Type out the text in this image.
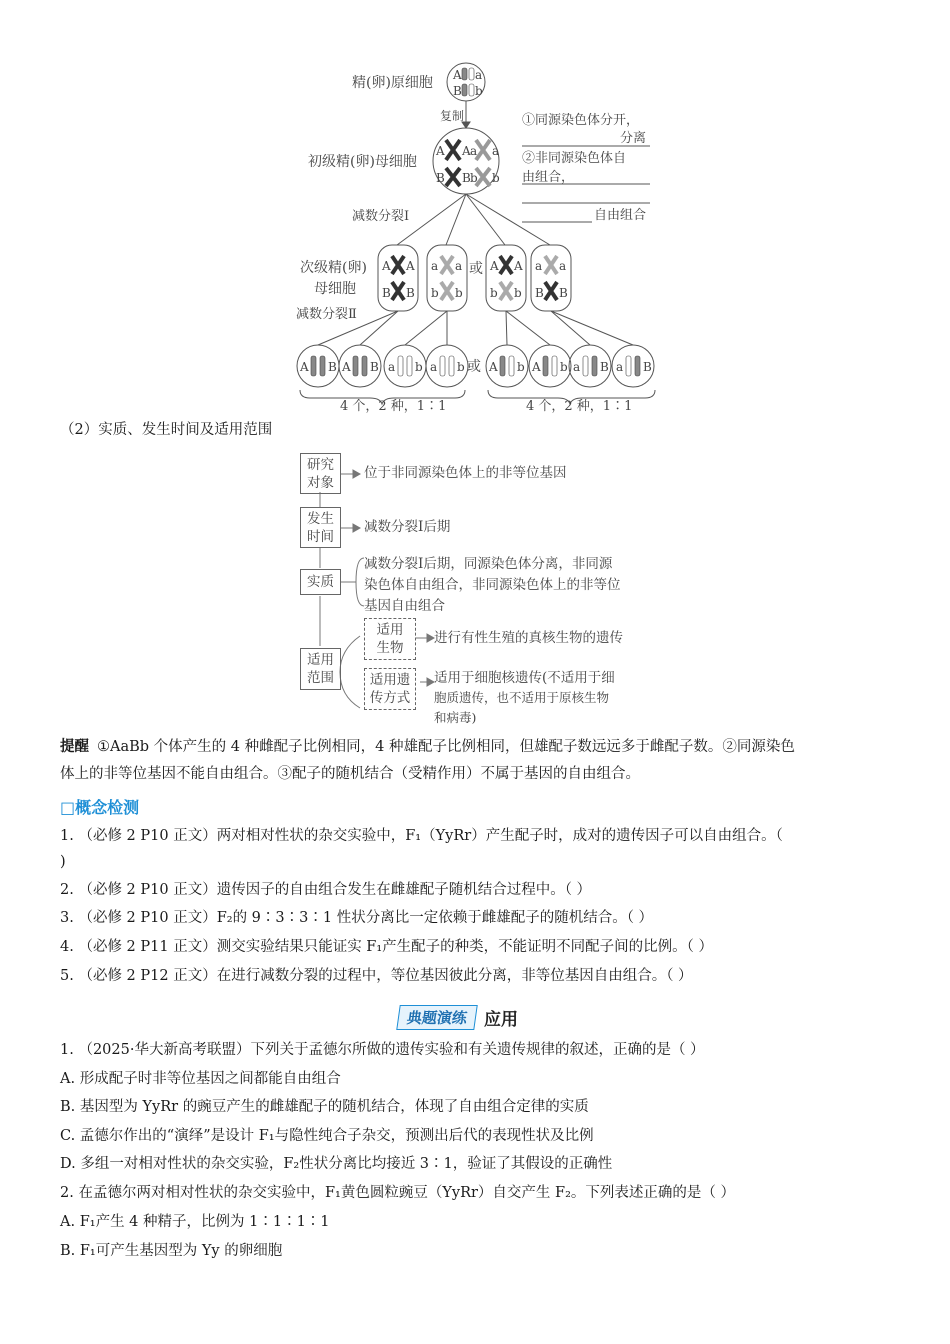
A a
B b
A A a a
B B b b
A A
B B
a a
b b
A A
b b
a a
B B
A B A B a b a b A b A b a B a B
精(卵)原细胞
复制
初级精(卵)母细胞
减数分裂Ⅰ
次级精(卵)
母细胞
减数分裂Ⅱ
或
或
4 个，2 种，1∶1	4 个，2 种，1∶1
①同源染色体分开，
分离
②非同源染色体自
由组合，
自由组合
（2）实质、发生时间及适用范围
研究
对象
位于非同源染色体上的非等位基因
发生
时间
减数分裂Ⅰ后期
实质
减数分裂Ⅰ后期，同源染色体分离，非同源
染色体自由组合，非同源染色体上的非等位
基因自由组合
适用
范围
适用
生物
进行有性生殖的真核生物的遗传
适用遗
传方式
适用于细胞核遗传(不适用于细
胞质遗传，也不适用于原核生物
和病毒)
提醒 ①AaBb 个体产生的 4 种雌配子比例相同，4 种雄配子比例相同，但雄配子数远远多于雌配子数。②同源染色
体上的非等位基因不能自由组合。③配子的随机结合（受精作用）不属于基因的自由组合。
□概念检测
1. （必修 2 P10 正文）两对相对性状的杂交实验中，F₁（YyRr）产生配子时，成对的遗传因子可以自由组合。（
)
2. （必修 2 P10 正文）遗传因子的自由组合发生在雌雄配子随机结合过程中。（ ）
3. （必修 2 P10 正文）F₂的 9∶3∶3∶1 性状分离比一定依赖于雌雄配子的随机结合。（ ）
4. （必修 2 P11 正文）测交实验结果只能证实 F₁产生配子的种类，不能证明不同配子间的比例。（ ）
5. （必修 2 P12 正文）在进行减数分裂的过程中，等位基因彼此分离，非等位基因自由组合。（ ）
典题演练 应用
1. （2025·华大新高考联盟）下列关于孟德尔所做的遗传实验和有关遗传规律的叙述，正确的是（ ）
A. 形成配子时非等位基因之间都能自由组合
B. 基因型为 YyRr 的豌豆产生的雌雄配子的随机结合，体现了自由组合定律的实质
C. 孟德尔作出的“演绎”是设计 F₁与隐性纯合子杂交，预测出后代的表现性状及比例
D. 多组一对相对性状的杂交实验，F₂性状分离比均接近 3∶1，验证了其假设的正确性
2. 在孟德尔两对相对性状的杂交实验中，F₁黄色圆粒豌豆（YyRr）自交产生 F₂。下列表述正确的是（ ）
A. F₁产生 4 种精子，比例为 1∶1∶1∶1
B. F₁可产生基因型为 Yy 的卵细胞
